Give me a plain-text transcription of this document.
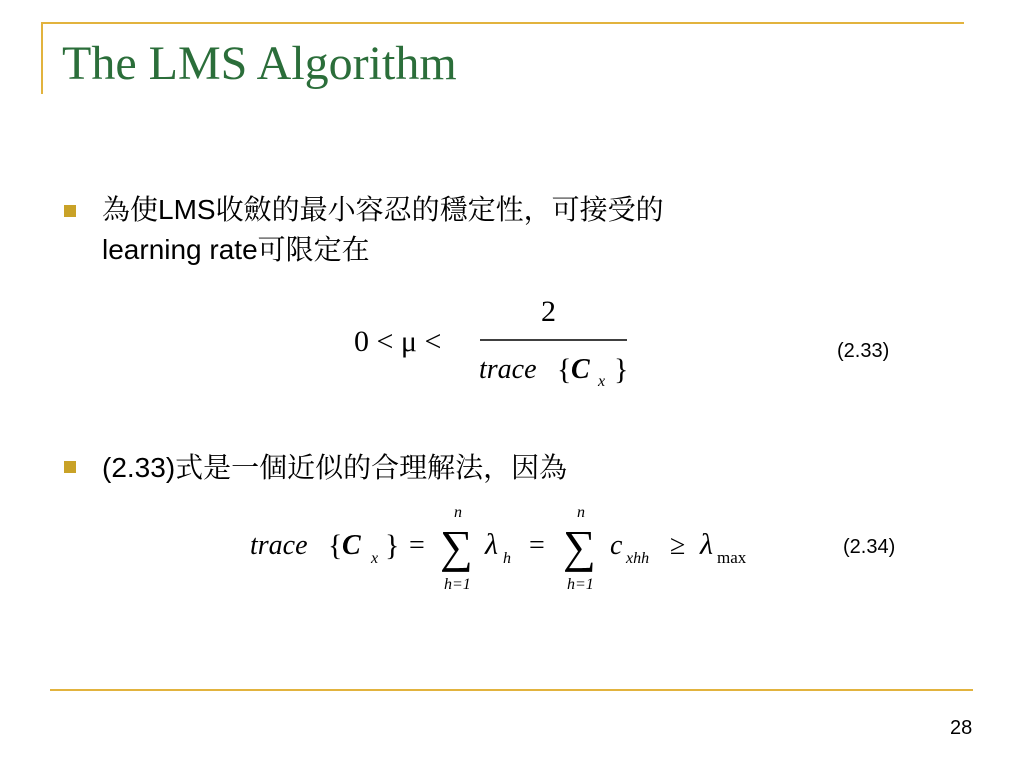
The LMS Algorithm
為使LMS收斂的最小容忍的穩定性，可接受的
learning rate可限定在
0 < μ <
2
trace { C x }
(2.33)
(2.33)式是一個近似的合理解法，因為
trace { C x } =
n
∑
h=1
λ h =
n
∑
h=1
c xhh ≥ λ max	(2.34)
28
